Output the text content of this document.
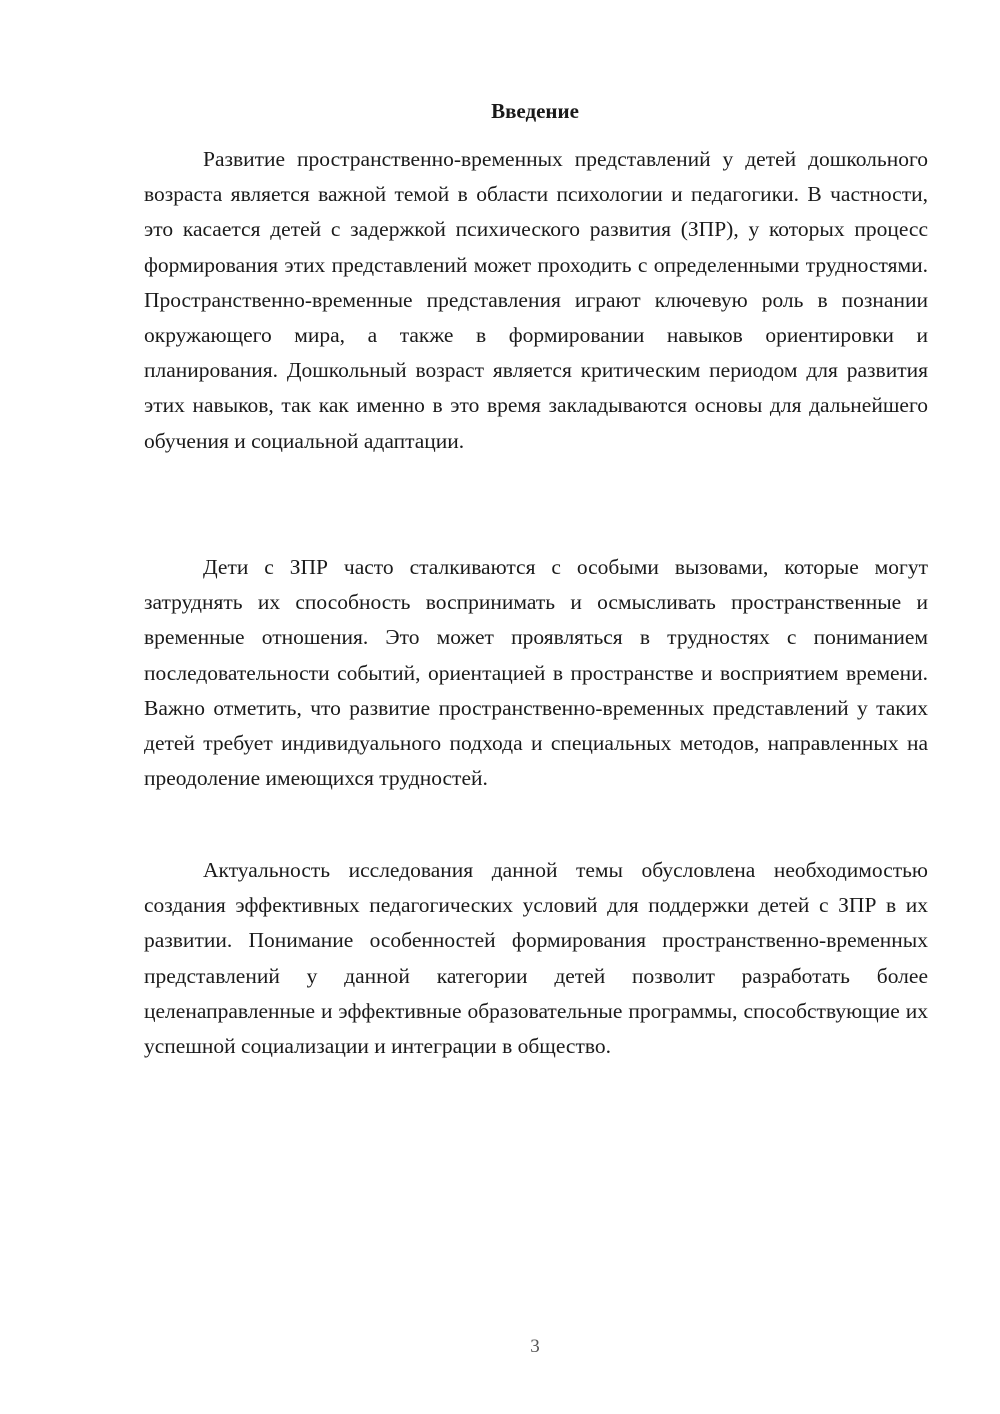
Введение

Развитие пространственно-временных представлений у детей дошкольного возраста является важной темой в области психологии и педагогики. В частности, это касается детей с задержкой психического развития (ЗПР), у которых процесс формирования этих представлений может проходить с определенными трудностями. Пространственно-временные представления играют ключевую роль в познании окружающего мира, а также в формировании навыков ориентировки и планирования. Дошкольный возраст является критическим периодом для развития этих навыков, так как именно в это время закладываются основы для дальнейшего обучения и социальной адаптации.

Дети с ЗПР часто сталкиваются с особыми вызовами, которые могут затруднять их способность воспринимать и осмысливать пространственные и временные отношения. Это может проявляться в трудностях с пониманием последовательности событий, ориентацией в пространстве и восприятием времени. Важно отметить, что развитие пространственно-временных представлений у таких детей требует индивидуального подхода и специальных методов, направленных на преодоление имеющихся трудностей.

Актуальность исследования данной темы обусловлена необходимостью создания эффективных педагогических условий для поддержки детей с ЗПР в их развитии. Понимание особенностей формирования пространственно-временных представлений у данной категории детей позволит разработать более целенаправленные и эффективные образовательные программы, способствующие их успешной социализации и интеграции в общество.

3
